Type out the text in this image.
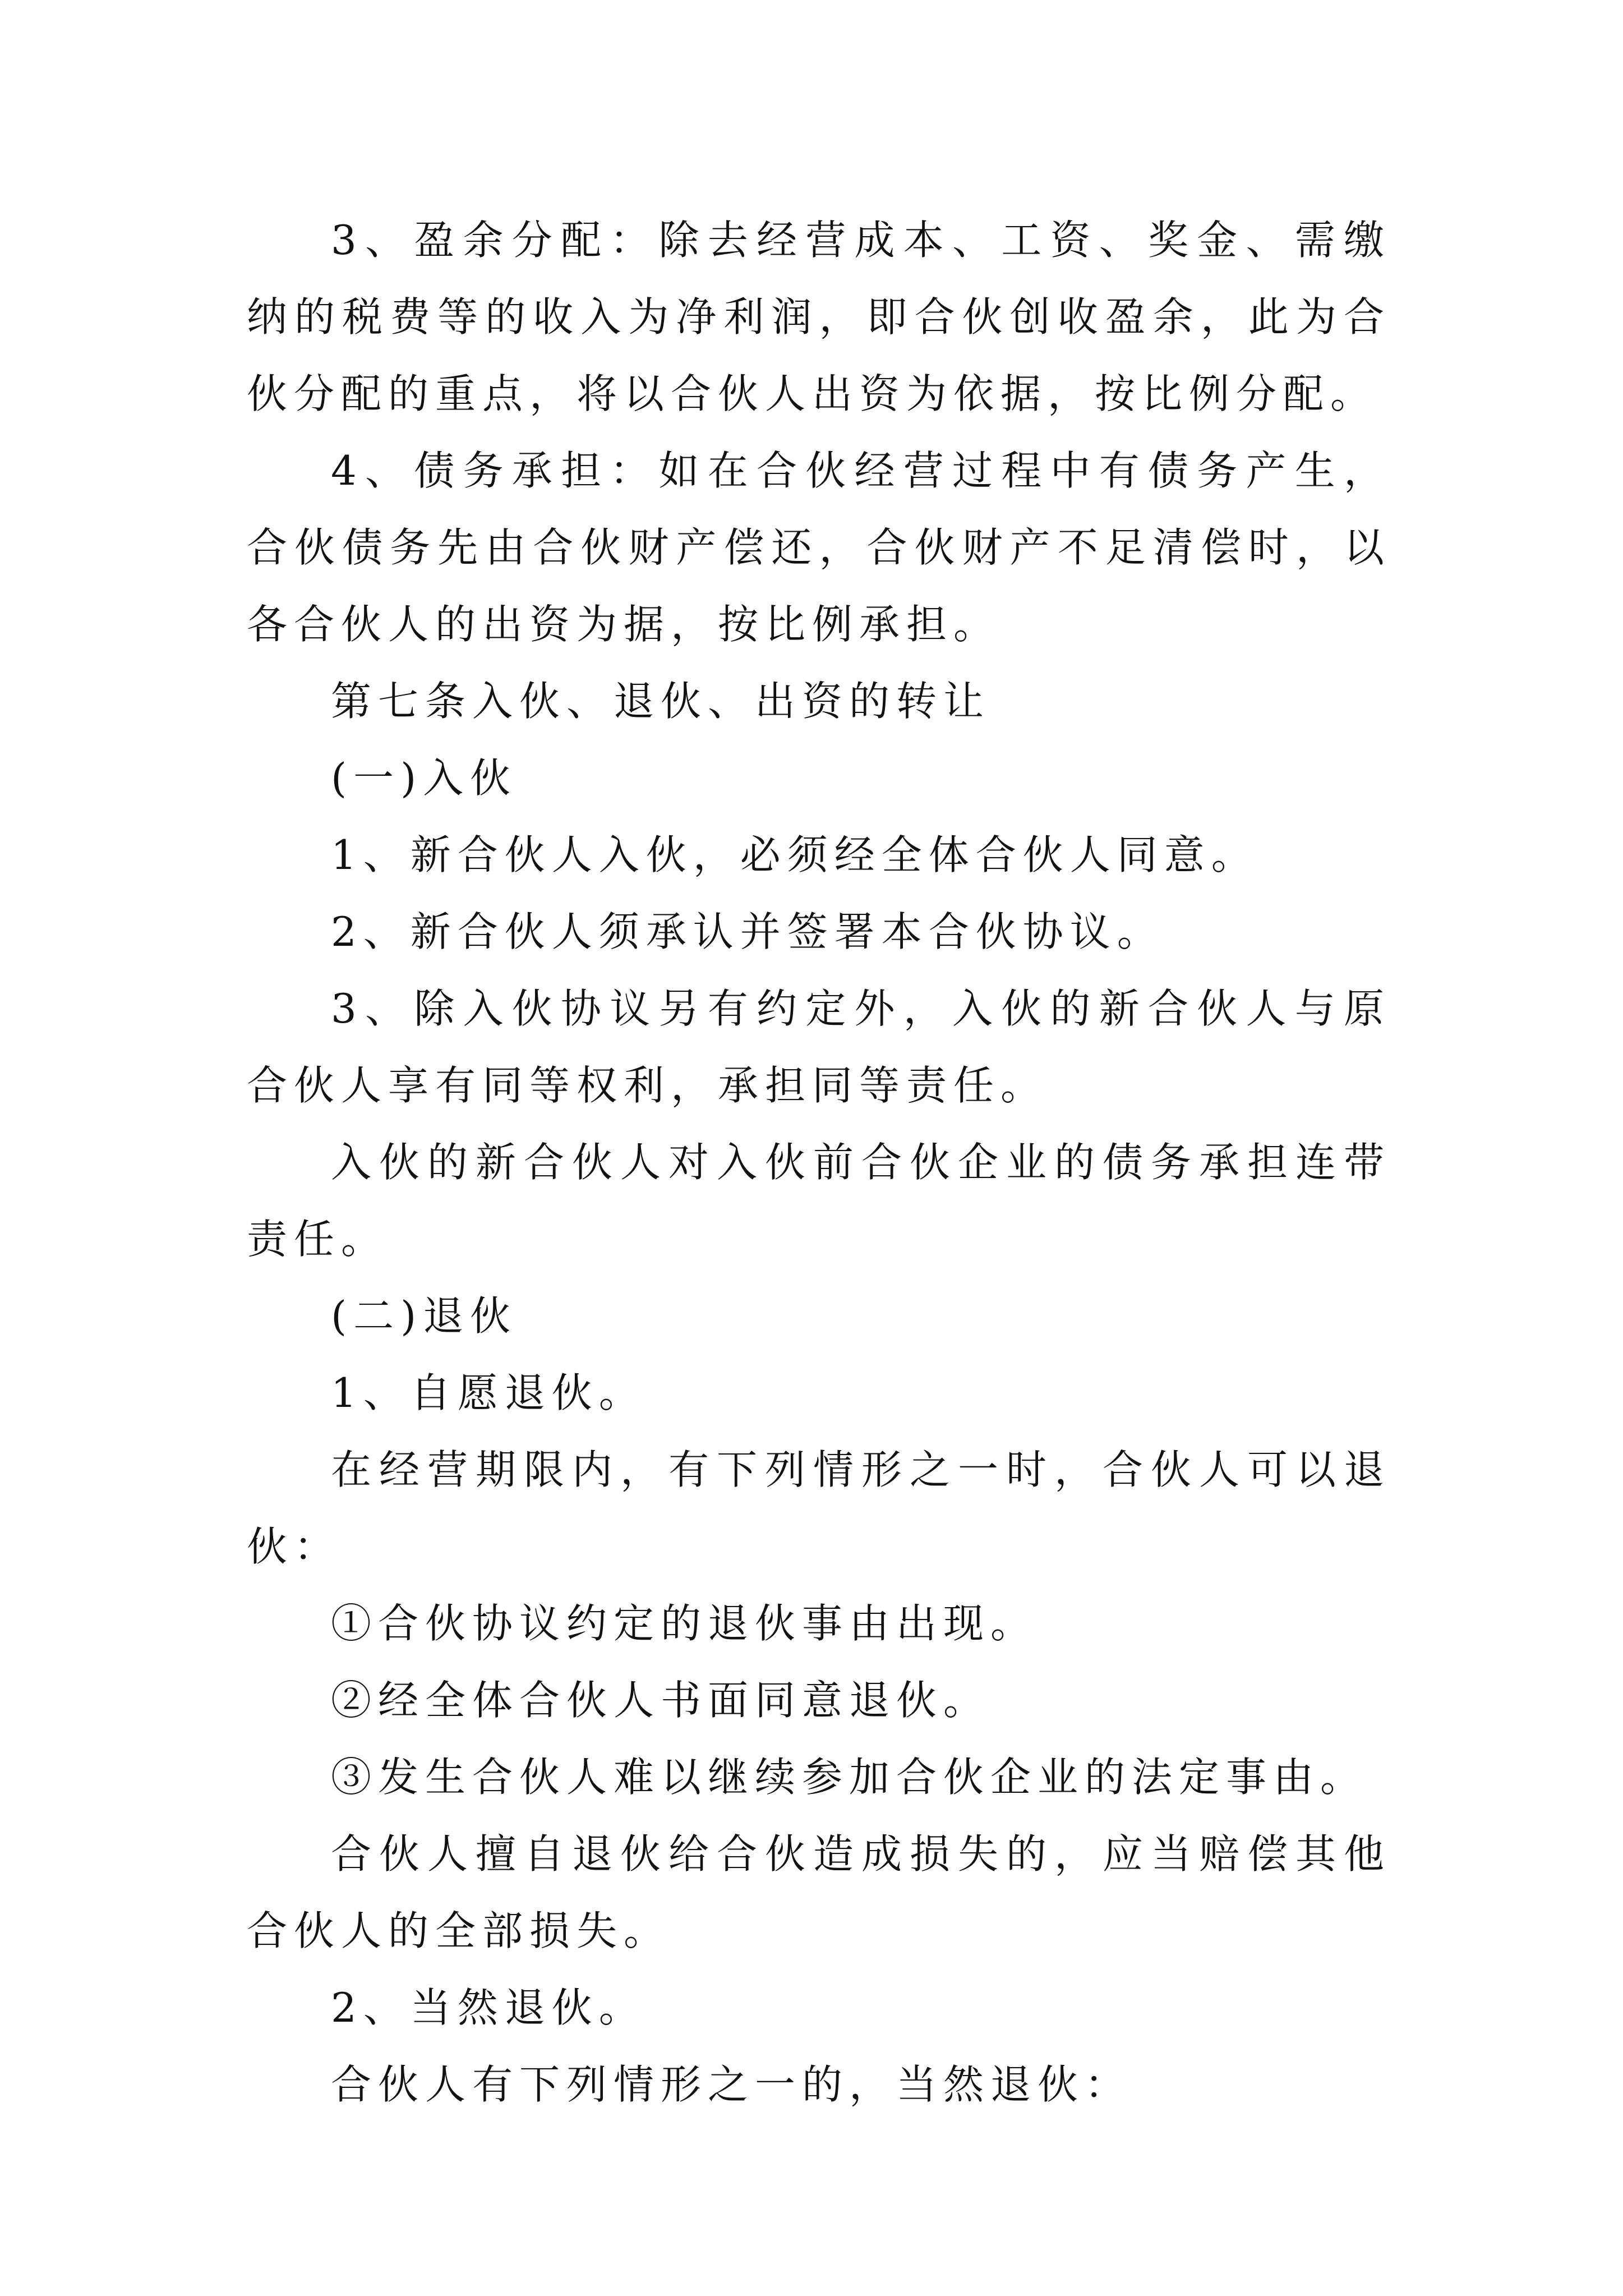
3、盈余分配：除去经营成本、工资、奖金、需缴纳的税费等的收入为净利润，即合伙创收盈余，此为合伙分配的重点，将以合伙人出资为依据，按比例分配。

4、债务承担：如在合伙经营过程中有债务产生，合伙债务先由合伙财产偿还，合伙财产不足清偿时，以各合伙人的出资为据，按比例承担。

第七条入伙、退伙、出资的转让

(一)入伙

1、新合伙人入伙，必须经全体合伙人同意。

2、新合伙人须承认并签署本合伙协议。

3、除入伙协议另有约定外，入伙的新合伙人与原合伙人享有同等权利，承担同等责任。

入伙的新合伙人对入伙前合伙企业的债务承担连带责任。

(二)退伙

1、自愿退伙。

在经营期限内，有下列情形之一时，合伙人可以退伙：

①合伙协议约定的退伙事由出现。

②经全体合伙人书面同意退伙。

③发生合伙人难以继续参加合伙企业的法定事由。

合伙人擅自退伙给合伙造成损失的，应当赔偿其他合伙人的全部损失。

2、当然退伙。

合伙人有下列情形之一的，当然退伙：
